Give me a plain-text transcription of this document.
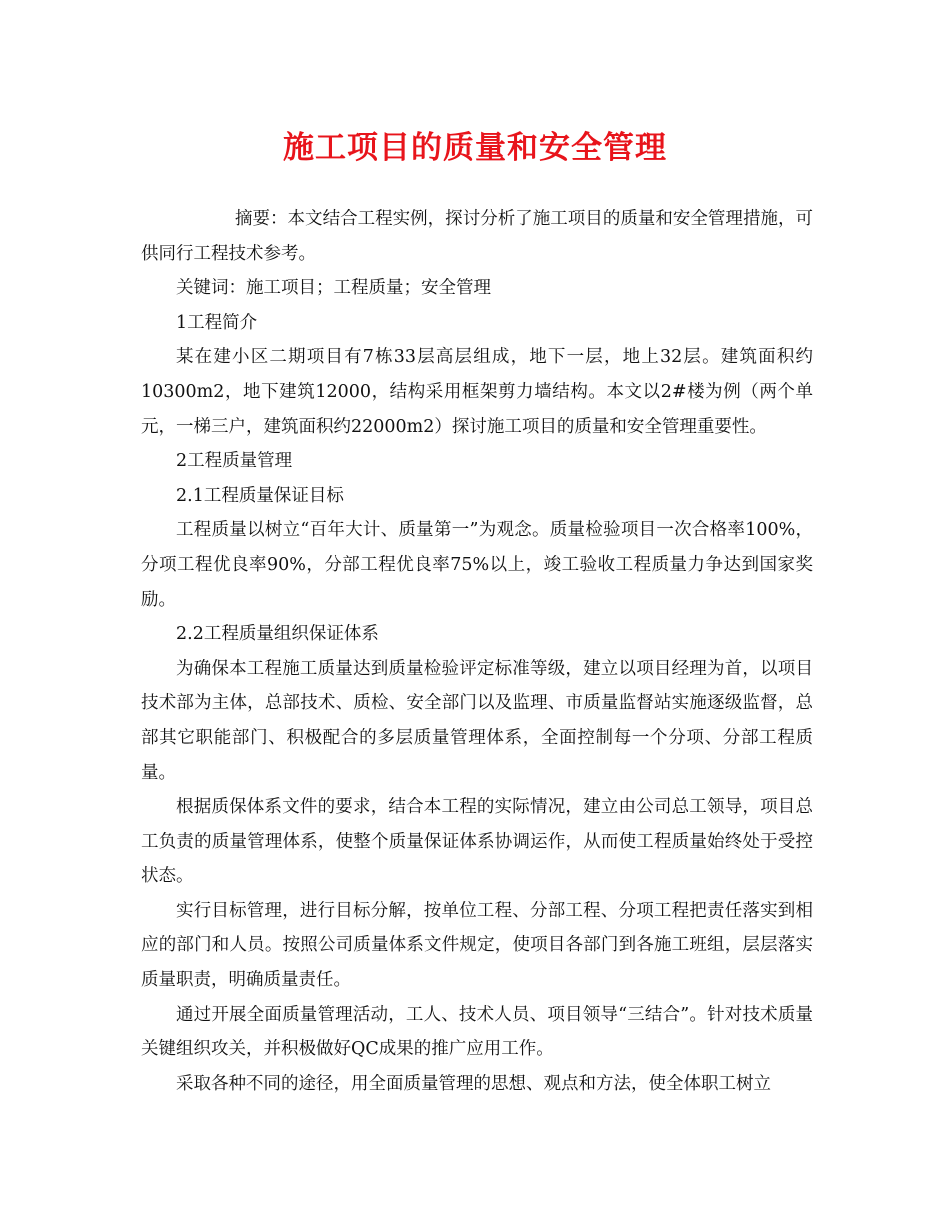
施工项目的质量和安全管理

摘要：本文结合工程实例，探讨分析了施工项目的质量和安全管理措施，可供同行工程技术参考。

关键词：施工项目；工程质量；安全管理

1工程简介

某在建小区二期项目有7栋33层高层组成，地下一层，地上32层。建筑面积约10300m2，地下建筑12000，结构采用框架剪力墙结构。本文以2#楼为例（两个单元，一梯三户，建筑面积约22000m2）探讨施工项目的质量和安全管理重要性。

2工程质量管理

2.1工程质量保证目标

工程质量以树立“百年大计、质量第一”为观念。质量检验项目一次合格率100%，分项工程优良率90%，分部工程优良率75%以上，竣工验收工程质量力争达到国家奖励。

2.2工程质量组织保证体系

为确保本工程施工质量达到质量检验评定标准等级，建立以项目经理为首，以项目技术部为主体，总部技术、质检、安全部门以及监理、市质量监督站实施逐级监督，总部其它职能部门、积极配合的多层质量管理体系，全面控制每一个分项、分部工程质量。

根据质保体系文件的要求，结合本工程的实际情况，建立由公司总工领导，项目总工负责的质量管理体系，使整个质量保证体系协调运作，从而使工程质量始终处于受控状态。

实行目标管理，进行目标分解，按单位工程、分部工程、分项工程把责任落实到相应的部门和人员。按照公司质量体系文件规定，使项目各部门到各施工班组，层层落实质量职责，明确质量责任。

通过开展全面质量管理活动，工人、技术人员、项目领导“三结合”。针对技术质量关键组织攻关，并积极做好QC成果的推广应用工作。

采取各种不同的途径，用全面质量管理的思想、观点和方法，使全体职工树立
